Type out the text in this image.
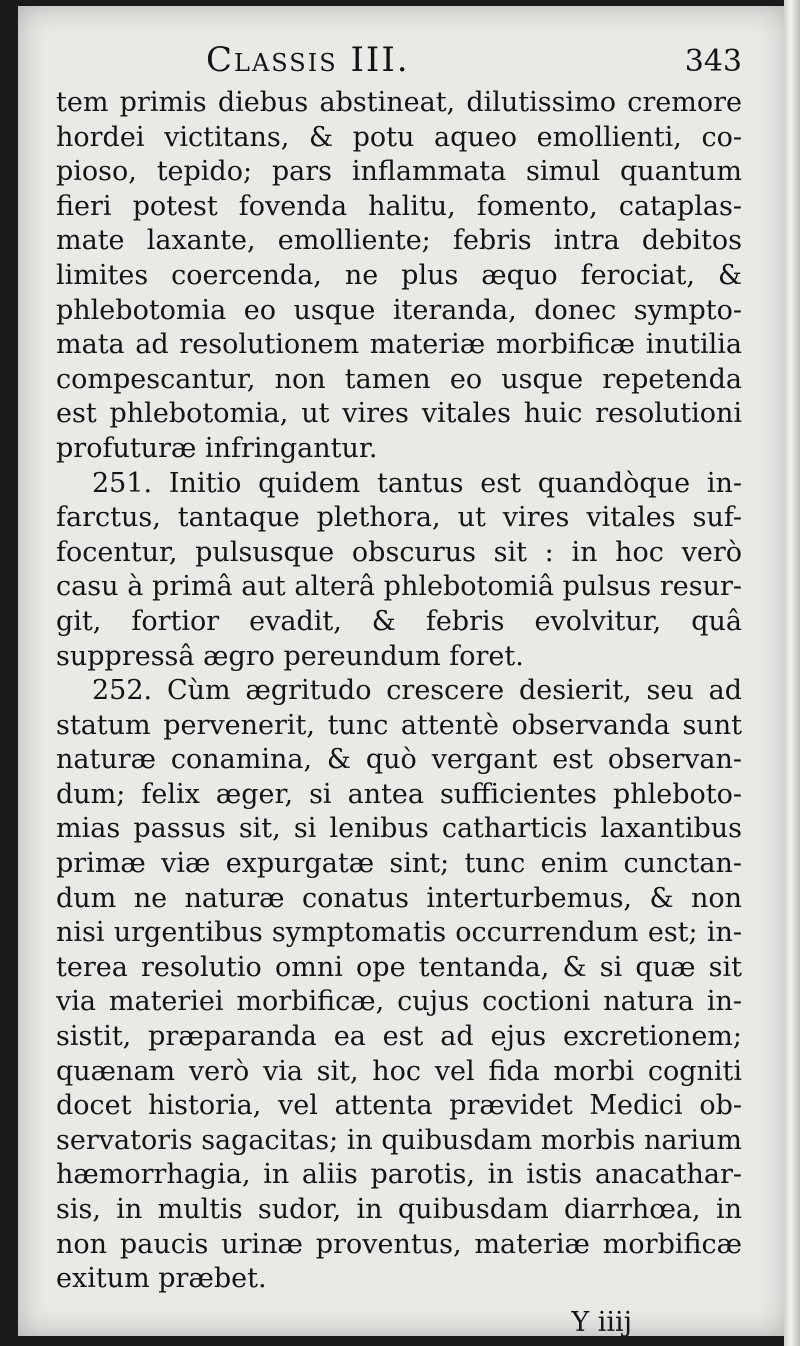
Classis III.	343
tem primis diebus abstineat, dilutissimo cremore
hordei victitans, & potu aqueo emollienti, co-
pioso, tepido; pars inflammata simul quantum
fieri potest fovenda halitu, fomento, cataplas-
mate laxante, emolliente; febris intra debitos
limites coercenda, ne plus æquo ferociat, &
phlebotomia eo usque iteranda, donec sympto-
mata ad resolutionem materiæ morbificæ inutilia
compescantur, non tamen eo usque repetenda
est phlebotomia, ut vires vitales huic resolutioni
profuturæ infringantur.
251. Initio quidem tantus est quandòque in-
farctus, tantaque plethora, ut vires vitales suf-
focentur, pulsusque obscurus sit : in hoc verò
casu à primâ aut alterâ phlebotomiâ pulsus resur-
git, fortior evadit, & febris evolvitur, quâ
suppressâ ægro pereundum foret.
252. Cùm ægritudo crescere desierit, seu ad
statum pervenerit, tunc attentè observanda sunt
naturæ conamina, & quò vergant est observan-
dum; felix æger, si antea sufficientes phleboto-
mias passus sit, si lenibus catharticis laxantibus
primæ viæ expurgatæ sint; tunc enim cunctan-
dum ne naturæ conatus interturbemus, & non
nisi urgentibus symptomatis occurrendum est; in-
terea resolutio omni ope tentanda, & si quæ sit
via materiei morbificæ, cujus coctioni natura in-
sistit, præparanda ea est ad ejus excretionem;
quænam verò via sit, hoc vel fida morbi cogniti
docet historia, vel attenta prævidet Medici ob-
servatoris sagacitas; in quibusdam morbis narium
hæmorrhagia, in aliis parotis, in istis anacathar-
sis, in multis sudor, in quibusdam diarrhœa, in
non paucis urinæ proventus, materiæ morbificæ
exitum præbet.
Y iiij
